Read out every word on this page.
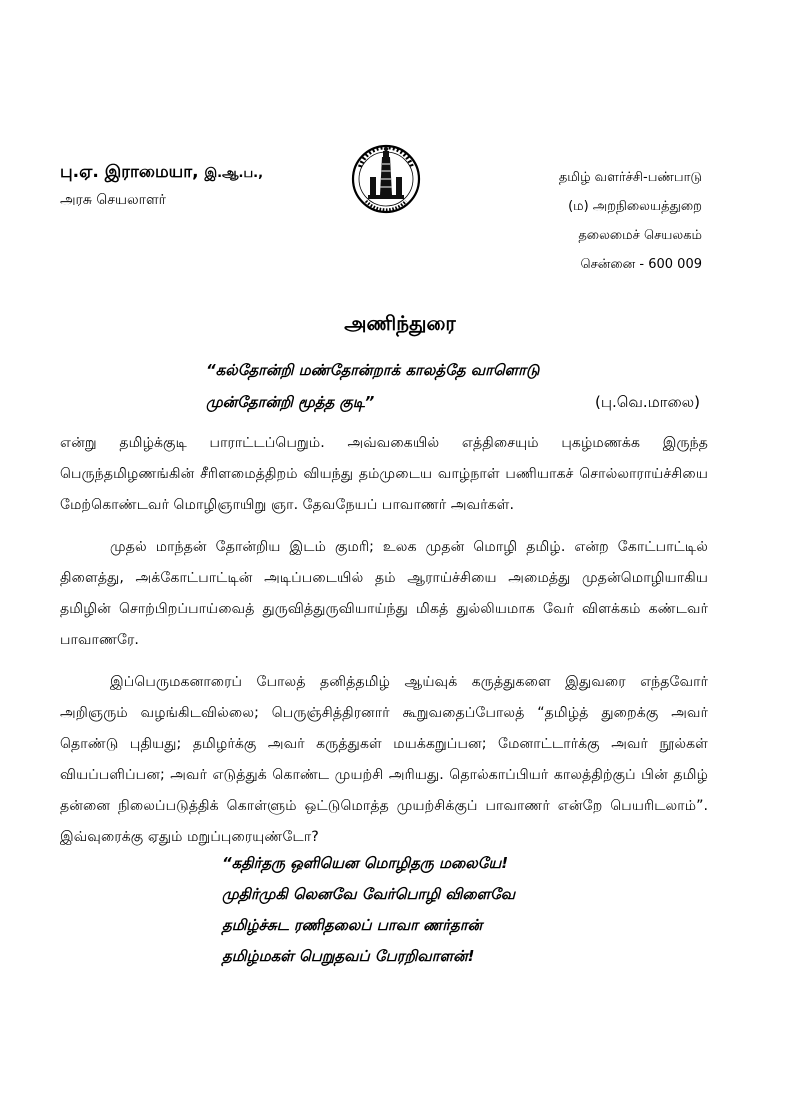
பு.ஏ. இராமையா, இ.ஆ.ப.,
அரசு செயலாளர்
தமிழ் வளர்ச்சி-பண்பாடு
(ம) அறநிலையத்துறை
தலைமைச் செயலகம்
சென்னை - 600 009
அணிந்துரை
“கல்தோன்றி மண்தோன்றாக் காலத்தே வாளொடு
முன்தோன்றி மூத்த குடி”	(பு.வெ.மாலை)

என்று தமிழ்க்குடி பாராட்டப்பெறும். அவ்வகையில் எத்திசையும் புகழ்மணக்க இருந்த பெருந்தமிழணங்கின் சீரிளமைத்திறம் வியந்து தம்முடைய வாழ்நாள் பணியாகச் சொல்லாராய்ச்சியை மேற்கொண்டவர் மொழிஞாயிறு ஞா. தேவநேயப் பாவாணர் அவர்கள்.

முதல் மாந்தன் தோன்றிய இடம் குமரி; உலக முதன் மொழி தமிழ். என்ற கோட்பாட்டில் திளைத்து, அக்கோட்பாட்டின் அடிப்படையில் தம் ஆராய்ச்சியை அமைத்து முதன்மொழியாகிய தமிழின் சொற்பிறப்பாய்வைத் துருவித்துருவியாய்ந்து மிகத் துல்லியமாக வேர் விளக்கம் கண்டவர் பாவாணரே.

இப்பெருமகனாரைப் போலத் தனித்தமிழ் ஆய்வுக் கருத்துகளை இதுவரை எந்தவோர் அறிஞரும் வழங்கிடவில்லை; பெருஞ்சித்திரனார் கூறுவதைப்போலத் “தமிழ்த் துறைக்கு அவர் தொண்டு புதியது; தமிழர்க்கு அவர் கருத்துகள் மயக்கறுப்பன; மேனாட்டார்க்கு அவர் நூல்கள் வியப்பளிப்பன; அவர் எடுத்துக் கொண்ட முயற்சி அரியது. தொல்காப்பியர் காலத்திற்குப் பின் தமிழ் தன்னை நிலைப்படுத்திக் கொள்ளும் ஒட்டுமொத்த முயற்சிக்குப் பாவாணர் என்றே பெயரிடலாம்”. இவ்வுரைக்கு ஏதும் மறுப்புரையுண்டோ?

“கதிர்தரு ஒளியென மொழிதரு மலையே!
முதிர்முகி லெனவே வேர்பொழி விளைவே
தமிழ்ச்சுட ரணிதலைப் பாவா ணர்தான்
தமிழ்மகள் பெறுதவப் பேரறிவாளன்!
